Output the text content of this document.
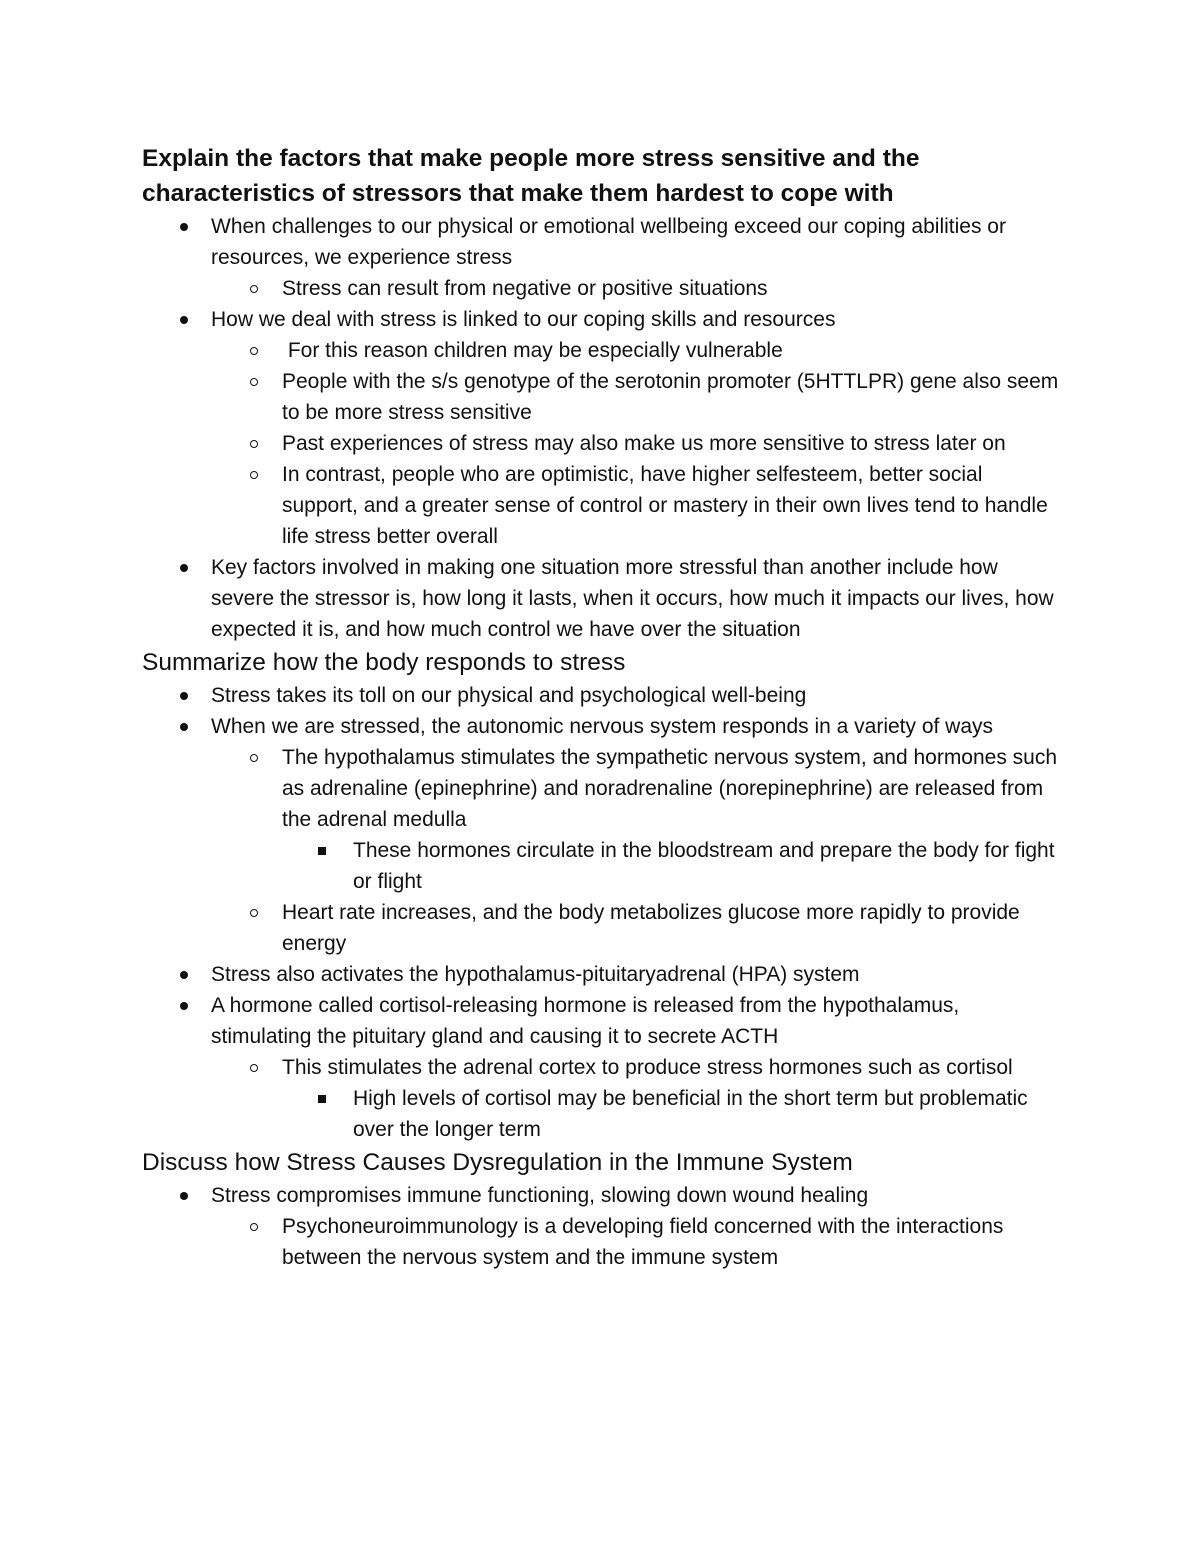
Explain the factors that make people more stress sensitive and the
characteristics of stressors that make them hardest to cope with
When challenges to our physical or emotional wellbeing exceed our coping abilities or resources, we experience stress
Stress can result from negative or positive situations
How we deal with stress is linked to our coping skills and resources
For this reason children may be especially vulnerable
People with the s/s genotype of the serotonin promoter (5HTTLPR) gene also seem to be more stress sensitive
Past experiences of stress may also make us more sensitive to stress later on
In contrast, people who are optimistic, have higher selfesteem, better social support, and a greater sense of control or mastery in their own lives tend to handle life stress better overall
Key factors involved in making one situation more stressful than another include how severe the stressor is, how long it lasts, when it occurs, how much it impacts our lives, how expected it is, and how much control we have over the situation
Summarize how the body responds to stress
Stress takes its toll on our physical and psychological well-being
When we are stressed, the autonomic nervous system responds in a variety of ways
The hypothalamus stimulates the sympathetic nervous system, and hormones such as adrenaline (epinephrine) and noradrenaline (norepinephrine) are released from the adrenal medulla
These hormones circulate in the bloodstream and prepare the body for fight or flight
Heart rate increases, and the body metabolizes glucose more rapidly to provide energy
Stress also activates the hypothalamus-pituitaryadrenal (HPA) system
A hormone called cortisol-releasing hormone is released from the hypothalamus, stimulating the pituitary gland and causing it to secrete ACTH
This stimulates the adrenal cortex to produce stress hormones such as cortisol
High levels of cortisol may be beneficial in the short term but problematic over the longer term
Discuss how Stress Causes Dysregulation in the Immune System
Stress compromises immune functioning, slowing down wound healing
Psychoneuroimmunology is a developing field concerned with the interactions between the nervous system and the immune system
